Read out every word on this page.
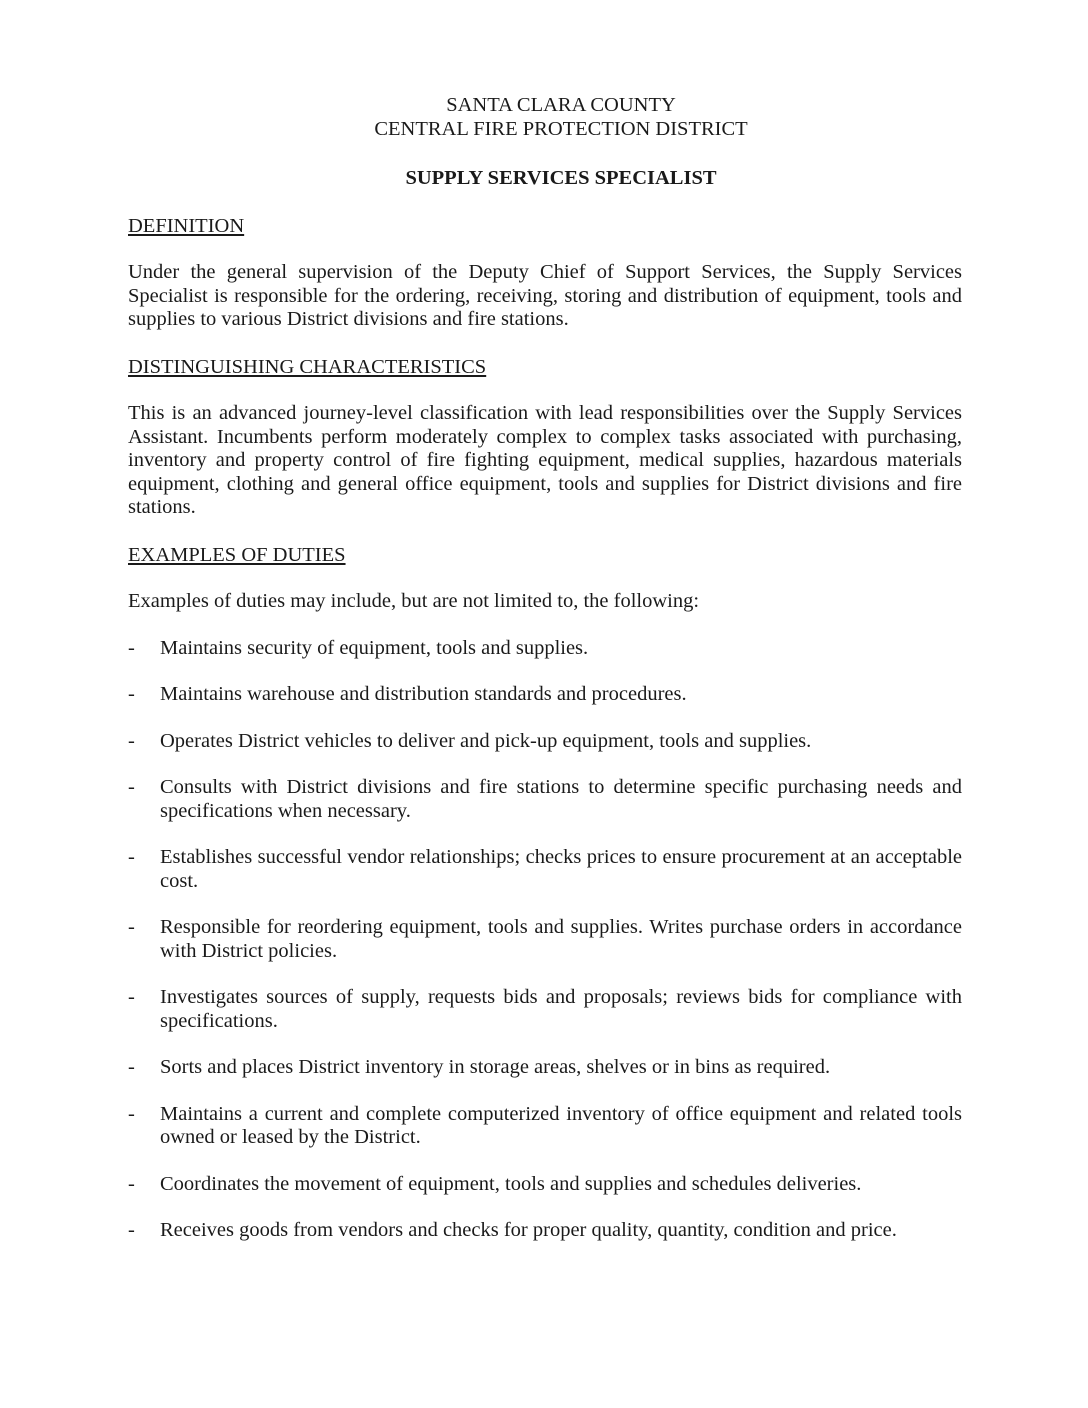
SANTA CLARA COUNTY

CENTRAL FIRE PROTECTION DISTRICT

SUPPLY SERVICES SPECIALIST

DEFINITION

Under the general supervision of the Deputy Chief of Support Services, the Supply Services Specialist is responsible for the ordering, receiving, storing and distribution of equipment, tools and supplies to various District divisions and fire stations.

DISTINGUISHING CHARACTERISTICS

This is an advanced journey-level classification with lead responsibilities over the Supply Services Assistant. Incumbents perform moderately complex to complex tasks associated with purchasing, inventory and property control of fire fighting equipment, medical supplies, hazardous materials equipment, clothing and general office equipment, tools and supplies for District divisions and fire stations.

EXAMPLES OF DUTIES

Examples of duties may include, but are not limited to, the following:

-	Maintains security of equipment, tools and supplies.
-	Maintains warehouse and distribution standards and procedures.
-	Operates District vehicles to deliver and pick-up equipment, tools and supplies.
-	Consults with District divisions and fire stations to determine specific purchasing needs and specifications when necessary.
-	Establishes successful vendor relationships; checks prices to ensure procurement at an acceptable cost.
-	Responsible for reordering equipment, tools and supplies. Writes purchase orders in accordance with District policies.
-	Investigates sources of supply, requests bids and proposals; reviews bids for compliance with specifications.
-	Sorts and places District inventory in storage areas, shelves or in bins as required.
-	Maintains a current and complete computerized inventory of office equipment and related tools owned or leased by the District.
-	Coordinates the movement of equipment, tools and supplies and schedules deliveries.
-	Receives goods from vendors and checks for proper quality, quantity, condition and price.
